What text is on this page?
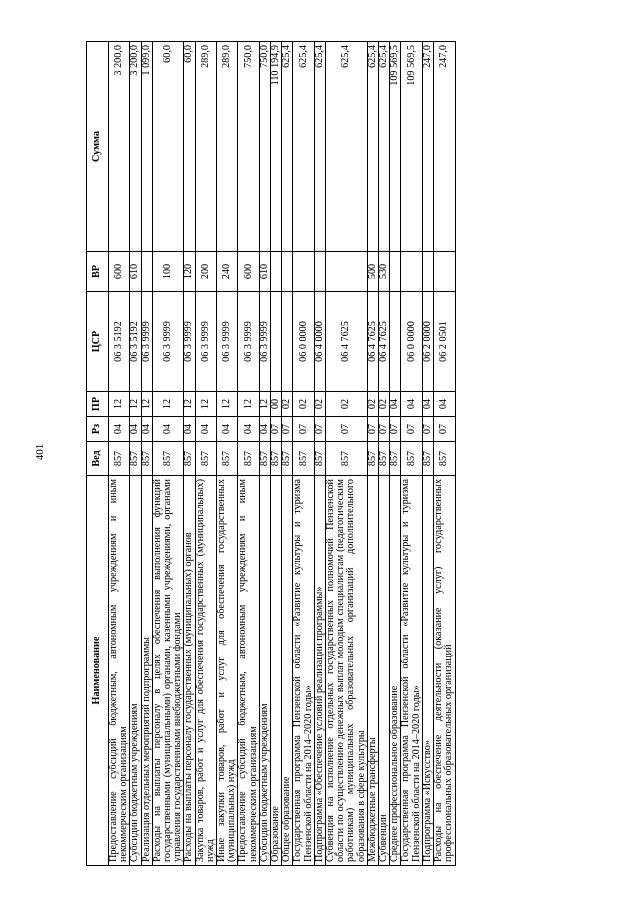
401
Наименование	Вед	Рз	ПР	ЦСР	ВР	Сумма
Предоставление субсидий бюджетным, автономным учреждениям и иным некоммерческим организациям	857	04	12	06 3 5192	600	3 200,0
Субсидии бюджетным учреждениям	857	04	12	06 3 5192	610	3 200,0
Реализация отдельных мероприятий подпрограммы	857	04	12	06 3 9999		1 099,0
Расходы на выплаты персоналу в целях обеспечения выполнения функций государственными (муниципальными) органами, казенными учреждениями, органами управления государственными внебюджетными фондами	857	04	12	06 3 9999	100	60,0
Расходы на выплаты персоналу государственных (муниципальных) органов	857	04	12	06 3 9999	120	60,0
Закупка товаров, работ и услуг для обеспечения государственных (муниципальных) нужд	857	04	12	06 3 9999	200	289,0
Иные закупки товаров, работ и услуг для обеспечения государственных (муниципальных) нужд	857	04	12	06 3 9999	240	289,0
Предоставление субсидий бюджетным, автономным учреждениям и иным некоммерческим организациям	857	04	12	06 3 9999	600	750,0
Субсидии бюджетным учреждениям	857	04	12	06 3 9999	610	750,0
Образование	857	07	00			110 194,9
Общее образование	857	07	02			625,4
Государственная программа Пензенской области «Развитие культуры и туризма Пензенской области на 2014–2020 годы»	857	07	02	06 0 0000		625,4
Подпрограмма «Обеспечение условий реализации программы»	857	07	02	06 4 0000		625,4
Субвенция на исполнение отдельных государственных полномочий Пензенской области по осуществлению денежных выплат молодым специалистам (педагогическим работникам) муниципальных образовательных организаций дополнительного образования в сфере культуры	857	07	02	06 4 7625		625,4
Межбюджетные трансферты	857	07	02	06 4 7625	500	625,4
Субвенции	857	07	02	06 4 7625	530	625,4
Среднее профессиональное образование	857	07	04			109 569,5
Государственная программа Пензенской области «Развитие культуры и туризма Пензенской области на 2014–2020 годы»	857	07	04	06 0 0000		109 569,5
Подпрограмма «Искусство»	857	07	04	06 2 0000		247,0
Расходы на обеспечение деятельности (оказание услуг) государственных профессиональных образовательных организаций	857	07	04	06 2 0501		247,0
